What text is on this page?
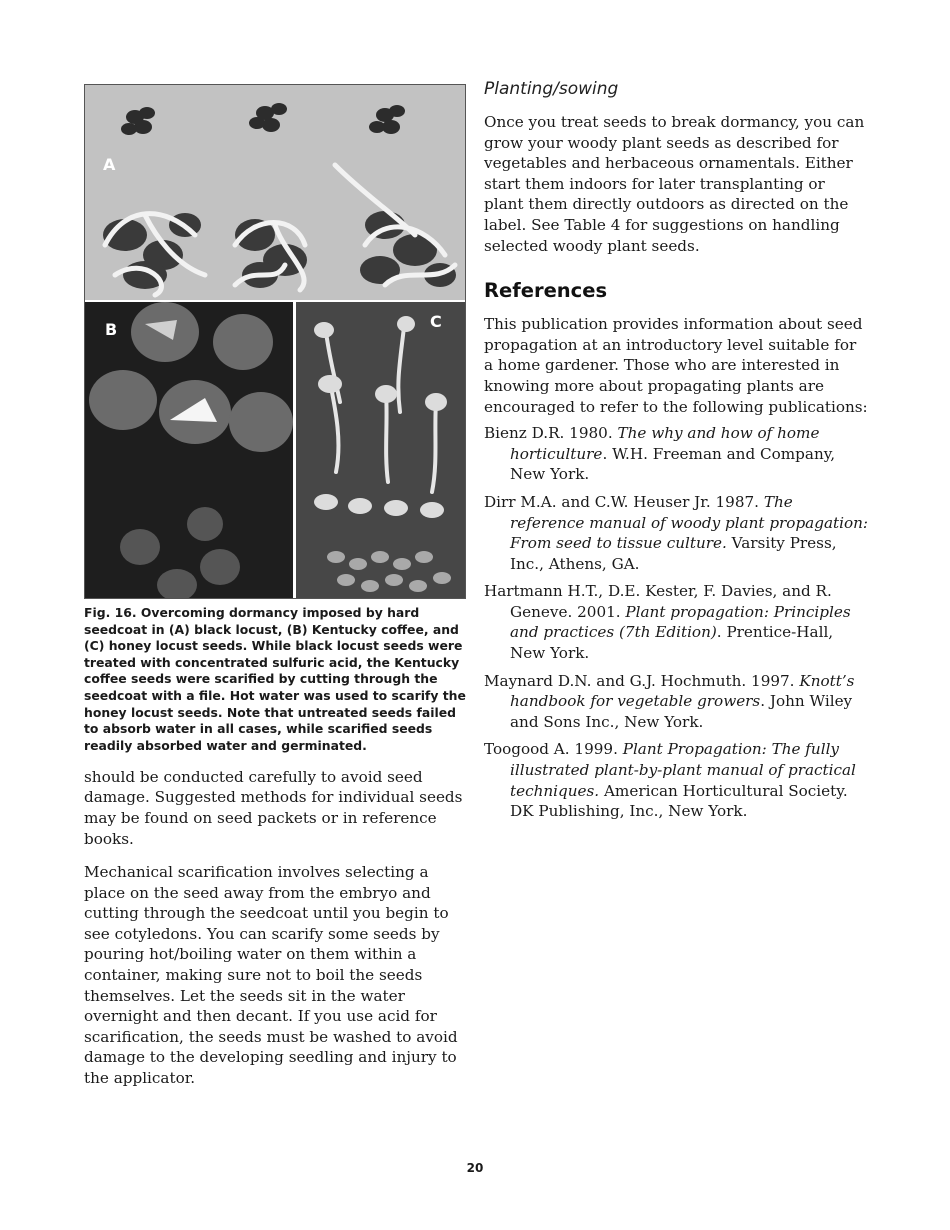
A
B	C

Fig. 16. Overcoming dormancy imposed by hard seedcoat in (A) black locust, (B) Kentucky coffee, and (C) honey locust seeds. While black locust seeds were treated with concentrated sulfuric acid, the Kentucky coffee seeds were scarified by cutting through the seedcoat with a file. Hot water was used to scarify the honey locust seeds. Note that untreated seeds failed to absorb water in all cases, while scarified seeds readily absorbed water and germinated.

should be conducted carefully to avoid seed damage. Suggested methods for individual seeds may be found on seed packets or in reference books.

Mechanical scarification involves selecting a place on the seed away from the embryo and cutting through the seedcoat until you begin to see cotyledons. You can scarify some seeds by pouring hot/boiling water on them within a container, making sure not to boil the seeds themselves. Let the seeds sit in the water overnight and then decant. If you use acid for scarification, the seeds must be washed to avoid damage to the developing seedling and injury to the applicator.

Planting/sowing

Once you treat seeds to break dormancy, you can grow your woody plant seeds as described for vegetables and herbaceous ornamentals. Either start them indoors for later transplanting or plant them directly outdoors as directed on the label. See Table 4 for suggestions on handling selected woody plant seeds.

References

This publication provides information about seed propagation at an introductory level suitable for a home gardener. Those who are interested in knowing more about propagating plants are encouraged to refer to the following publications:

Bienz D.R. 1980. The why and how of home horticulture. W.H. Freeman and Company, New York.

Dirr M.A. and C.W. Heuser Jr. 1987. The reference manual of woody plant propagation: From seed to tissue culture. Varsity Press, Inc., Athens, GA.

Hartmann H.T., D.E. Kester, F. Davies, and R. Geneve. 2001. Plant propagation: Principles and practices (7th Edition). Prentice-Hall, New York.

Maynard D.N. and G.J. Hochmuth. 1997. Knott’s handbook for vegetable growers. John Wiley and Sons Inc., New York.

Toogood A. 1999. Plant Propagation: The fully illustrated plant-by-plant manual of practical techniques. American Horticultural Society. DK Publishing, Inc., New York.

20
